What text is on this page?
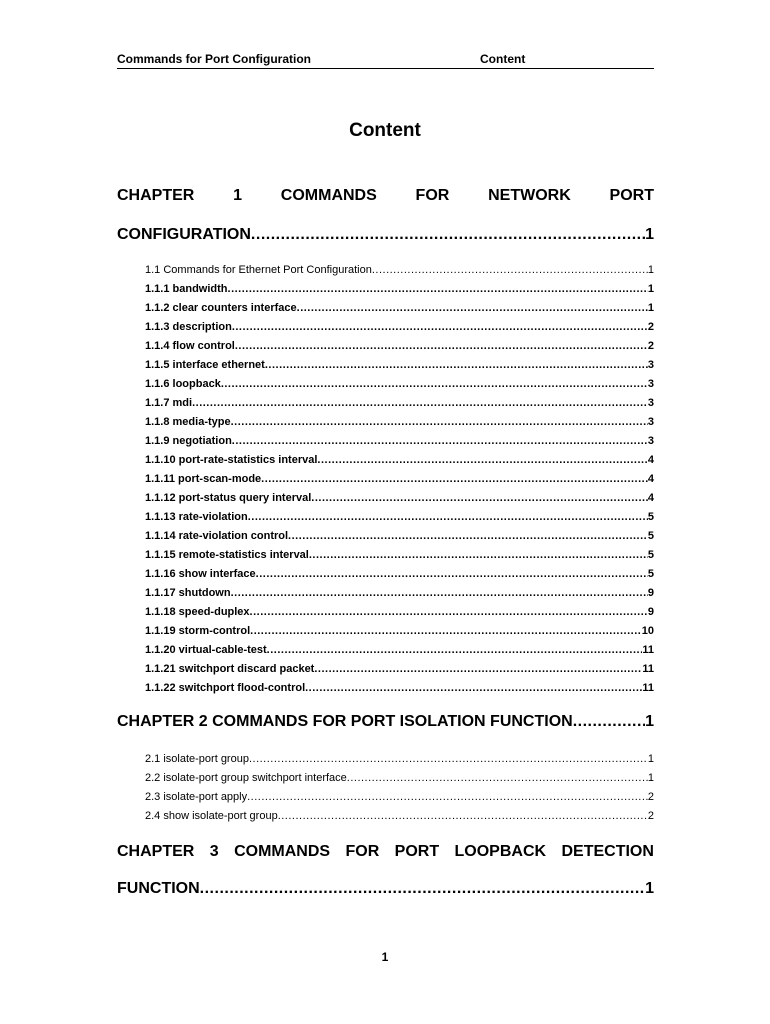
Commands for Port Configuration	Content
Content
CHAPTER 1 COMMANDS FOR NETWORK PORT
CONFIGURATION .....	1
1.1 Commands for Ethernet Port Configuration .....	1
1.1.1 bandwidth .....	1
1.1.2 clear counters interface .....	1
1.1.3 description .....	2
1.1.4 flow control .....	2
1.1.5 interface ethernet .....	3
1.1.6 loopback .....	3
1.1.7 mdi .....	3
1.1.8 media-type .....	3
1.1.9 negotiation .....	3
1.1.10 port-rate-statistics interval .....	4
1.1.11 port-scan-mode .....	4
1.1.12 port-status query interval .....	4
1.1.13 rate-violation .....	5
1.1.14 rate-violation control .....	5
1.1.15 remote-statistics interval .....	5
1.1.16 show interface .....	5
1.1.17 shutdown .....	9
1.1.18 speed-duplex .....	9
1.1.19 storm-control .....	10
1.1.20 virtual-cable-test .....	11
1.1.21 switchport discard packet .....	11
1.1.22 switchport flood-control .....	11
CHAPTER 2 COMMANDS FOR PORT ISOLATION FUNCTION .....	1
2.1 isolate-port group .....	1
2.2 isolate-port group switchport interface .....	1
2.3 isolate-port apply .....	2
2.4 show isolate-port group .....	2
CHAPTER 3 COMMANDS FOR PORT LOOPBACK DETECTION
FUNCTION .....	1
1
